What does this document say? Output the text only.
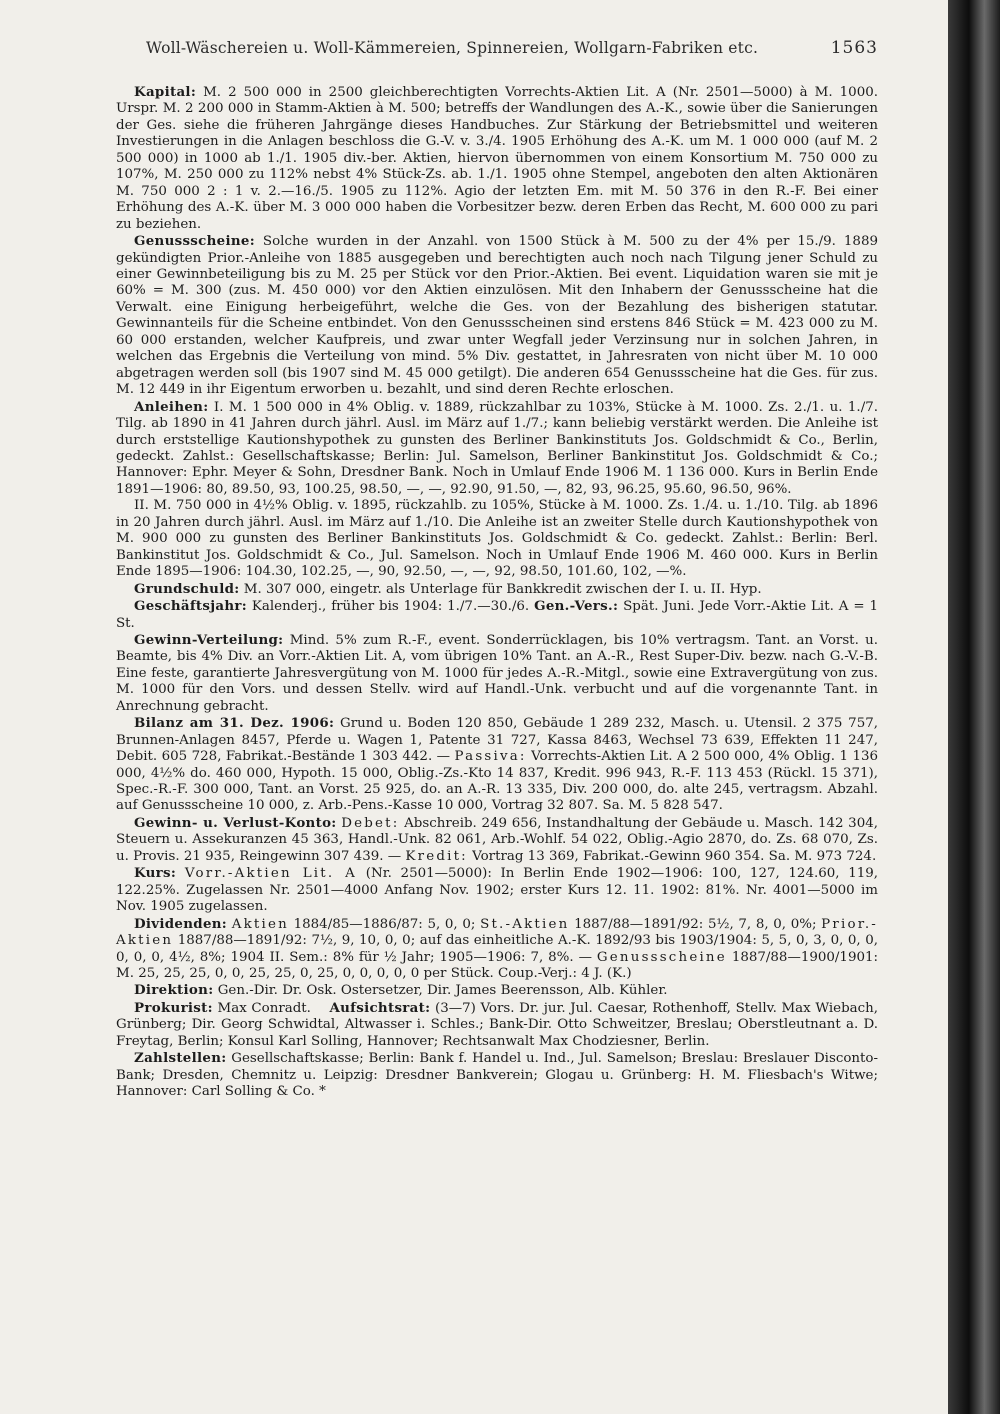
Woll-Wäschereien u. Woll-Kämmereien, Spinnereien, Wollgarn-Fabriken etc.	1563

Kapital: M. 2 500 000 in 2500 gleichberechtigten Vorrechts-Aktien Lit. A (Nr. 2501—5000) à M. 1000. Urspr. M. 2 200 000 in Stamm-Aktien à M. 500; betreffs der Wandlungen des A.-K., sowie über die Sanierungen der Ges. siehe die früheren Jahrgänge dieses Handbuches. Zur Stärkung der Betriebsmittel und weiteren Investierungen in die Anlagen beschloss die G.-V. v. 3./4. 1905 Erhöhung des A.-K. um M. 1 000 000 (auf M. 2 500 000) in 1000 ab 1./1. 1905 div.-ber. Aktien, hiervon übernommen von einem Konsortium M. 750 000 zu 107%, M. 250 000 zu 112% nebst 4% Stück-Zs. ab. 1./1. 1905 ohne Stempel, angeboten den alten Aktionären M. 750 000 2 : 1 v. 2.—16./5. 1905 zu 112%. Agio der letzten Em. mit M. 50 376 in den R.-F. Bei einer Erhöhung des A.-K. über M. 3 000 000 haben die Vorbesitzer bezw. deren Erben das Recht, M. 600 000 zu pari zu beziehen.

Genussscheine: Solche wurden in der Anzahl. von 1500 Stück à M. 500 zu der 4% per 15./9. 1889 gekündigten Prior.-Anleihe von 1885 ausgegeben und berechtigten auch noch nach Tilgung jener Schuld zu einer Gewinnbeteiligung bis zu M. 25 per Stück vor den Prior.-Aktien. Bei event. Liquidation waren sie mit je 60% = M. 300 (zus. M. 450 000) vor den Aktien einzulösen. Mit den Inhabern der Genussscheine hat die Verwalt. eine Einigung herbeigeführt, welche die Ges. von der Bezahlung des bisherigen statutar. Gewinnanteils für die Scheine entbindet. Von den Genussscheinen sind erstens 846 Stück = M. 423 000 zu M. 60 000 erstanden, welcher Kaufpreis, und zwar unter Wegfall jeder Verzinsung nur in solchen Jahren, in welchen das Ergebnis die Verteilung von mind. 5% Div. gestattet, in Jahresraten von nicht über M. 10 000 abgetragen werden soll (bis 1907 sind M. 45 000 getilgt). Die anderen 654 Genussscheine hat die Ges. für zus. M. 12 449 in ihr Eigentum erworben u. bezahlt, und sind deren Rechte erloschen.

Anleihen: I. M. 1 500 000 in 4% Oblig. v. 1889, rückzahlbar zu 103%, Stücke à M. 1000. Zs. 2./1. u. 1./7. Tilg. ab 1890 in 41 Jahren durch jährl. Ausl. im März auf 1./7.; kann beliebig verstärkt werden. Die Anleihe ist durch erststellige Kautionshypothek zu gunsten des Berliner Bankinstituts Jos. Goldschmidt & Co., Berlin, gedeckt. Zahlst.: Gesellschaftskasse; Berlin: Jul. Samelson, Berliner Bankinstitut Jos. Goldschmidt & Co.; Hannover: Ephr. Meyer & Sohn, Dresdner Bank. Noch in Umlauf Ende 1906 M. 1 136 000. Kurs in Berlin Ende 1891—1906: 80, 89.50, 93, 100.25, 98.50, —, —, 92.90, 91.50, —, 82, 93, 96.25, 95.60, 96.50, 96%.

II. M. 750 000 in 4½% Oblig. v. 1895, rückzahlb. zu 105%, Stücke à M. 1000. Zs. 1./4. u. 1./10. Tilg. ab 1896 in 20 Jahren durch jährl. Ausl. im März auf 1./10. Die Anleihe ist an zweiter Stelle durch Kautionshypothek von M. 900 000 zu gunsten des Berliner Bankinstituts Jos. Goldschmidt & Co. gedeckt. Zahlst.: Berlin: Berl. Bankinstitut Jos. Goldschmidt & Co., Jul. Samelson. Noch in Umlauf Ende 1906 M. 460 000. Kurs in Berlin Ende 1895—1906: 104.30, 102.25, —, 90, 92.50, —, —, 92, 98.50, 101.60, 102, —%.

Grundschuld: M. 307 000, eingetr. als Unterlage für Bankkredit zwischen der I. u. II. Hyp.

Geschäftsjahr: Kalenderj., früher bis 1904: 1./7.—30./6. Gen.-Vers.: Spät. Juni. Jede Vorr.-Aktie Lit. A = 1 St.

Gewinn-Verteilung: Mind. 5% zum R.-F., event. Sonderrücklagen, bis 10% vertragsm. Tant. an Vorst. u. Beamte, bis 4% Div. an Vorr.-Aktien Lit. A, vom übrigen 10% Tant. an A.-R., Rest Super-Div. bezw. nach G.-V.-B. Eine feste, garantierte Jahresvergütung von M. 1000 für jedes A.-R.-Mitgl., sowie eine Extravergütung von zus. M. 1000 für den Vors. und dessen Stellv. wird auf Handl.-Unk. verbucht und auf die vorgenannte Tant. in Anrechnung gebracht.

Bilanz am 31. Dez. 1906: Grund u. Boden 120 850, Gebäude 1 289 232, Masch. u. Utensil. 2 375 757, Brunnen-Anlagen 8457, Pferde u. Wagen 1, Patente 31 727, Kassa 8463, Wechsel 73 639, Effekten 11 247, Debit. 605 728, Fabrikat.-Bestände 1 303 442. — Passiva: Vorrechts-Aktien Lit. A 2 500 000, 4% Oblig. 1 136 000, 4½% do. 460 000, Hypoth. 15 000, Oblig.-Zs.-Kto 14 837, Kredit. 996 943, R.-F. 113 453 (Rückl. 15 371), Spec.-R.-F. 300 000, Tant. an Vorst. 25 925, do. an A.-R. 13 335, Div. 200 000, do. alte 245, vertragsm. Abzahl. auf Genussscheine 10 000, z. Arb.-Pens.-Kasse 10 000, Vortrag 32 807. Sa. M. 5 828 547.

Gewinn- u. Verlust-Konto: Debet: Abschreib. 249 656, Instandhaltung der Gebäude u. Masch. 142 304, Steuern u. Assekuranzen 45 363, Handl.-Unk. 82 061, Arb.-Wohlf. 54 022, Oblig.-Agio 2870, do. Zs. 68 070, Zs. u. Provis. 21 935, Reingewinn 307 439. — Kredit: Vortrag 13 369, Fabrikat.-Gewinn 960 354. Sa. M. 973 724.

Kurs: Vorr.-Aktien Lit. A (Nr. 2501—5000): In Berlin Ende 1902—1906: 100, 127, 124.60, 119, 122.25%. Zugelassen Nr. 2501—4000 Anfang Nov. 1902; erster Kurs 12. 11. 1902: 81%. Nr. 4001—5000 im Nov. 1905 zugelassen.

Dividenden: Aktien 1884/85—1886/87: 5, 0, 0; St.-Aktien 1887/88—1891/92: 5½, 7, 8, 0, 0%; Prior.-Aktien 1887/88—1891/92: 7½, 9, 10, 0, 0; auf das einheitliche A.-K. 1892/93 bis 1903/1904: 5, 5, 0, 3, 0, 0, 0, 0, 0, 0, 4½, 8%; 1904 II. Sem.: 8% für ½ Jahr; 1905—1906: 7, 8%. — Genussscheine 1887/88—1900/1901: M. 25, 25, 25, 0, 0, 25, 25, 0, 25, 0, 0, 0, 0, 0 per Stück. Coup.-Verj.: 4 J. (K.)

Direktion: Gen.-Dir. Dr. Osk. Ostersetzer, Dir. James Beerensson, Alb. Kühler.

Prokurist: Max Conradt. Aufsichtsrat: (3—7) Vors. Dr. jur. Jul. Caesar, Rothenhoff, Stellv. Max Wiebach, Grünberg; Dir. Georg Schwidtal, Altwasser i. Schles.; Bank-Dir. Otto Schweitzer, Breslau; Oberstleutnant a. D. Freytag, Berlin; Konsul Karl Solling, Hannover; Rechtsanwalt Max Chodziesner, Berlin.

Zahlstellen: Gesellschaftskasse; Berlin: Bank f. Handel u. Ind., Jul. Samelson; Breslau: Breslauer Disconto-Bank; Dresden, Chemnitz u. Leipzig: Dresdner Bankverein; Glogau u. Grünberg: H. M. Fliesbach's Witwe; Hannover: Carl Solling & Co. *
